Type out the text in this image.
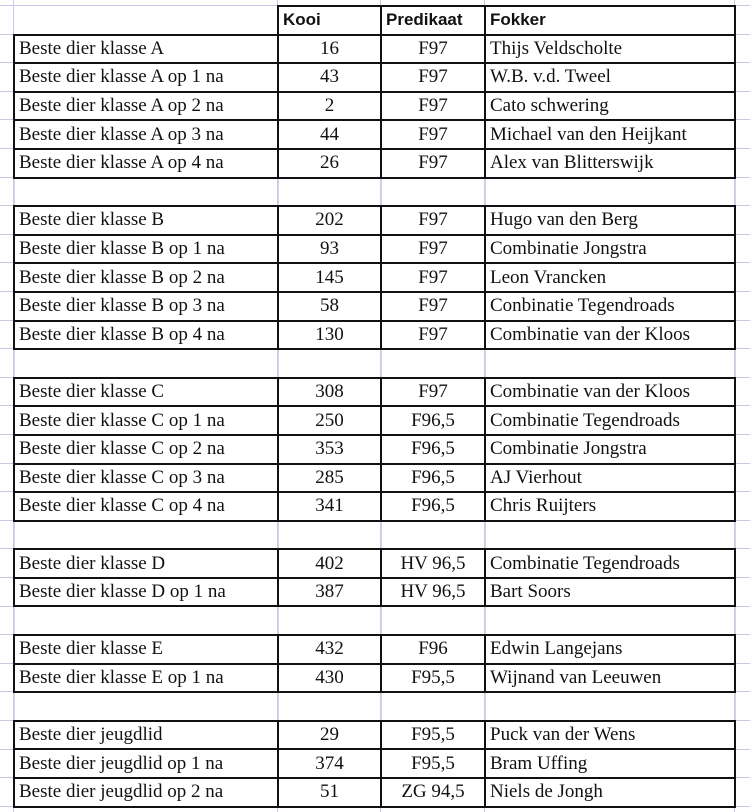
	Kooi	Predikaat	Fokker
Beste dier klasse A	16	F97	Thijs Veldscholte
Beste dier klasse A op 1 na	43	F97	W.B. v.d. Tweel
Beste dier klasse A op 2 na	2	F97	Cato schwering
Beste dier klasse A op 3 na	44	F97	Michael van den Heijkant
Beste dier klasse A op 4 na	26	F97	Alex van Blitterswijk

Beste dier klasse B	202	F97	Hugo van den Berg
Beste dier klasse B op 1 na	93	F97	Combinatie Jongstra
Beste dier klasse B op 2 na	145	F97	Leon Vrancken
Beste dier klasse B op 3 na	58	F97	Conbinatie Tegendroads
Beste dier klasse B op 4 na	130	F97	Combinatie van der Kloos

Beste dier klasse C	308	F97	Combinatie van der Kloos
Beste dier klasse C op 1 na	250	F96,5	Combinatie Tegendroads
Beste dier klasse C op 2 na	353	F96,5	Combinatie Jongstra
Beste dier klasse C op 3 na	285	F96,5	AJ Vierhout
Beste dier klasse C op 4 na	341	F96,5	Chris Ruijters

Beste dier klasse D	402	HV 96,5	Combinatie Tegendroads
Beste dier klasse D op 1 na	387	HV 96,5	Bart Soors

Beste dier klasse E	432	F96	Edwin Langejans
Beste dier klasse E op 1 na	430	F95,5	Wijnand van Leeuwen

Beste dier jeugdlid	29	F95,5	Puck van der Wens
Beste dier jeugdlid op 1 na	374	F95,5	Bram Uffing
Beste dier jeugdlid op 2 na	51	ZG 94,5	Niels de Jongh
